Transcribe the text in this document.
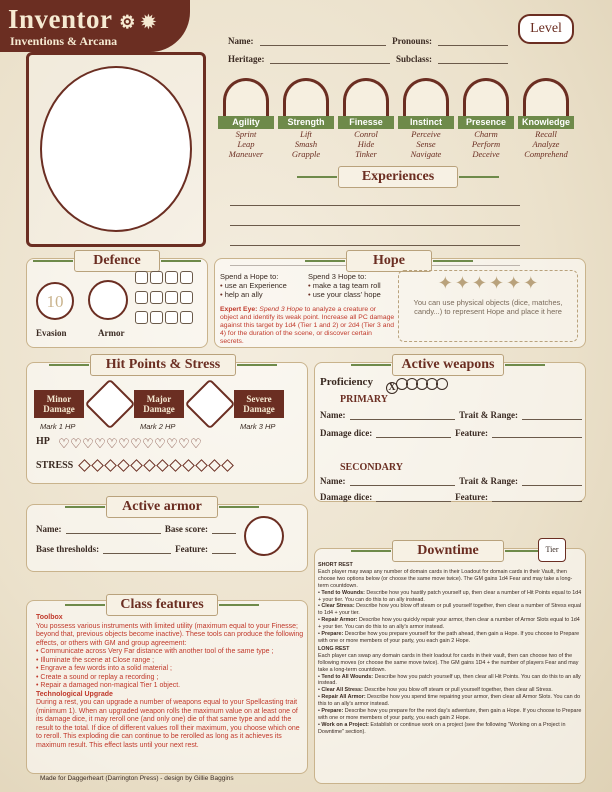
Inventor ⚙ ✹
Inventions & Arcana
Level
Name:	Pronouns:
Heritage:	Subclass:
Agility
Sprint
Leap
Maneuver
Strength
Lift
Smash
Grapple
Finesse
Conrol
Hide
Tinker
Instinct
Perceive
Sense
Navigate
Presence
Charm
Perform
Deceive
Knowledge
Recall
Analyze
Comprehend
Experiences
Defence
10
Evasion	Armor

Hope
Spend a Hope to:
• use an Experience
• help an ally
Spend 3 Hope to:
• make a tag team roll
• use your class' hope
Expert Eye: Spend 3 Hope to analyze a creature or object and identify its weak point. Increase all PC damage against this target by 1d4 (Tier 1 and 2) or 2d4 (Tier 3 and 4) for the duration of the scene, or discover certain secrets.
✦ ✦ ✦ ✦ ✦ ✦
You can use physical objects (dice, matches, candy...) to represent Hope and place it here
Hit Points & Stress
Minor Damage
Major Damage
Severe Damage
Mark 1 HP	Mark 2 HP	Mark 3 HP
HP ♡♡♡♡♡♡♡♡♡♡♡♡
STRESS
Active weapons
Proficiency X
PRIMARY
Name:	Trait & Range:
Damage dice:	Feature:
SECONDARY
Name:	Trait & Range:
Damage dice:	Feature:
Active armor
Name:	Base score:
Base thresholds:	Feature:
Class features
Toolbox
You possess various instruments with limited utility (maximum equal to your Finesse; beyond that, previous objects become inactive). These tools can produce the following effects, or others with GM and group agreement:
• Communicate across Very Far distance with another tool of the same type ;
• Illuminate the scene at Close range ;
• Engrave a few words into a solid material ;
• Create a sound or replay a recording ;
• Repair a damaged non-magical Tier 1 object.
Technological Upgrade
During a rest, you can upgrade a number of weapons equal to your Spellcasting trait (minimum 1). When an upgraded weapon rolls the maximum value on at least one of its damage dice, it may reroll one (and only one) die of that same type and add the result to the total. If dice of different values roll their maximum, you choose which one to reroll. This exploding die can continue to be rerolled as long as it achieves its maximum result. This effect lasts until your next rest.
Made for Daggerheart (Darrington Press) - design by Gillie Baggins
Downtime	Tier
SHORT REST
Each player may swap any number of domain cards in their Loadout for domain cards in their Vault, then choose two options below (or choose the same move twice). The GM gains 1d4 Fear and may take a long-term countdown.
• Tend to Wounds: Describe how you hastily patch yourself up, then clear a number of Hit Points equal to 1d4 + your tier. You can do this to an ally instead.
• Clear Stress: Describe how you blow off steam or pull yourself together, then clear a number of Stress equal to 1d4 + your tier.
• Repair Armor: Describe how you quickly repair your armor, then clear a number of Armor Slots equal to 1d4 + your tier. You can do this to an ally's armor instead.
• Prepare: Describe how you prepare yourself for the path ahead, then gain a Hope. If you choose to Prepare with one or more members of your party, you each gain 2 Hope.
LONG REST
Each player can swap any domain cards in their loadout for cards in their vault, then can choose two of the following moves (or choose the same move twice). The GM gains 1D4 + the number of players Fear and may take a long-term countdown.
• Tend to All Wounds: Describe how you patch yourself up, then clear all Hit Points. You can do this to an ally instead.
• Clear All Stress: Describe how you blow off steam or pull yourself together, then clear all Stress.
• Repair All Armor: Describe how you spend time repairing your armor, then clear all Armor Slots. You can do this to an ally's armor instead.
• Prepare: Describe how you prepare for the next day's adventure, then gain a Hope. If you choose to Prepare with one or more members of your party, you each gain 2 Hope.
• Work on a Project: Establish or continue work on a project (see the following "Working on a Project in Downtime" section).
